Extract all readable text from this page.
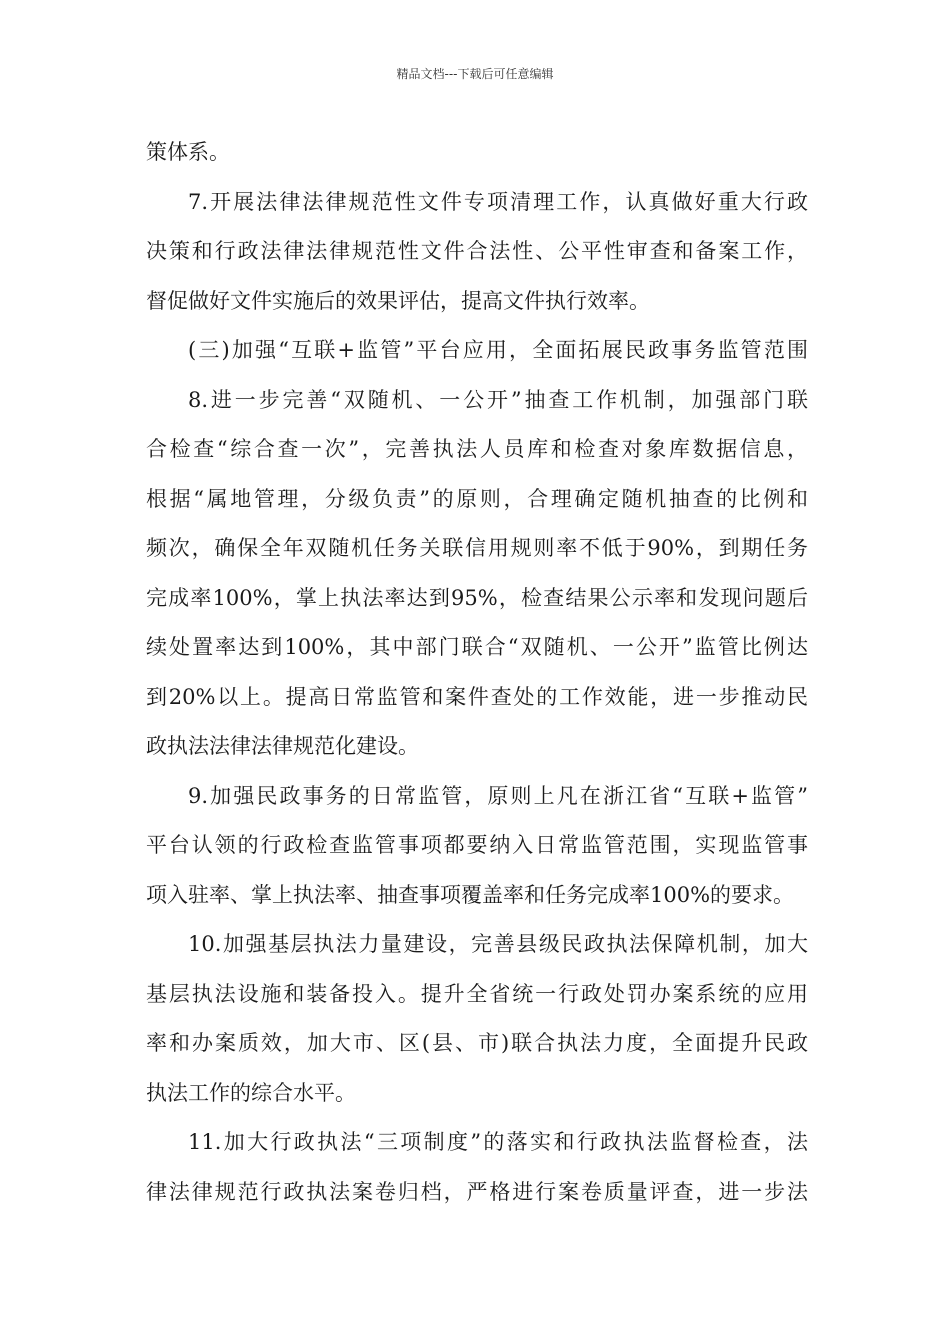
精品文档---下载后可任意编辑
策体系。
7.开展法律法律规范性文件专项清理工作，认真做好重大行政
决策和行政法律法律规范性文件合法性、公平性审查和备案工作，
督促做好文件实施后的效果评估，提高文件执行效率。
(三)加强“互联+监管”平台应用，全面拓展民政事务监管范围
8.进一步完善“双随机、一公开”抽查工作机制，加强部门联
合检查“综合查一次”，完善执法人员库和检查对象库数据信息，
根据“属地管理，分级负责”的原则，合理确定随机抽查的比例和
频次，确保全年双随机任务关联信用规则率不低于90%，到期任务
完成率100%，掌上执法率达到95%，检查结果公示率和发现问题后
续处置率达到100%，其中部门联合“双随机、一公开”监管比例达
到20%以上。提高日常监管和案件查处的工作效能，进一步推动民
政执法法律法律规范化建设。
9.加强民政事务的日常监管，原则上凡在浙江省“互联+监管”
平台认领的行政检查监管事项都要纳入日常监管范围，实现监管事
项入驻率、掌上执法率、抽查事项覆盖率和任务完成率100%的要求。
10.加强基层执法力量建设，完善县级民政执法保障机制，加大
基层执法设施和装备投入。提升全省统一行政处罚办案系统的应用
率和办案质效，加大市、区(县、市)联合执法力度，全面提升民政
执法工作的综合水平。
11.加大行政执法“三项制度”的落实和行政执法监督检查，法
律法律规范行政执法案卷归档，严格进行案卷质量评查，进一步法
